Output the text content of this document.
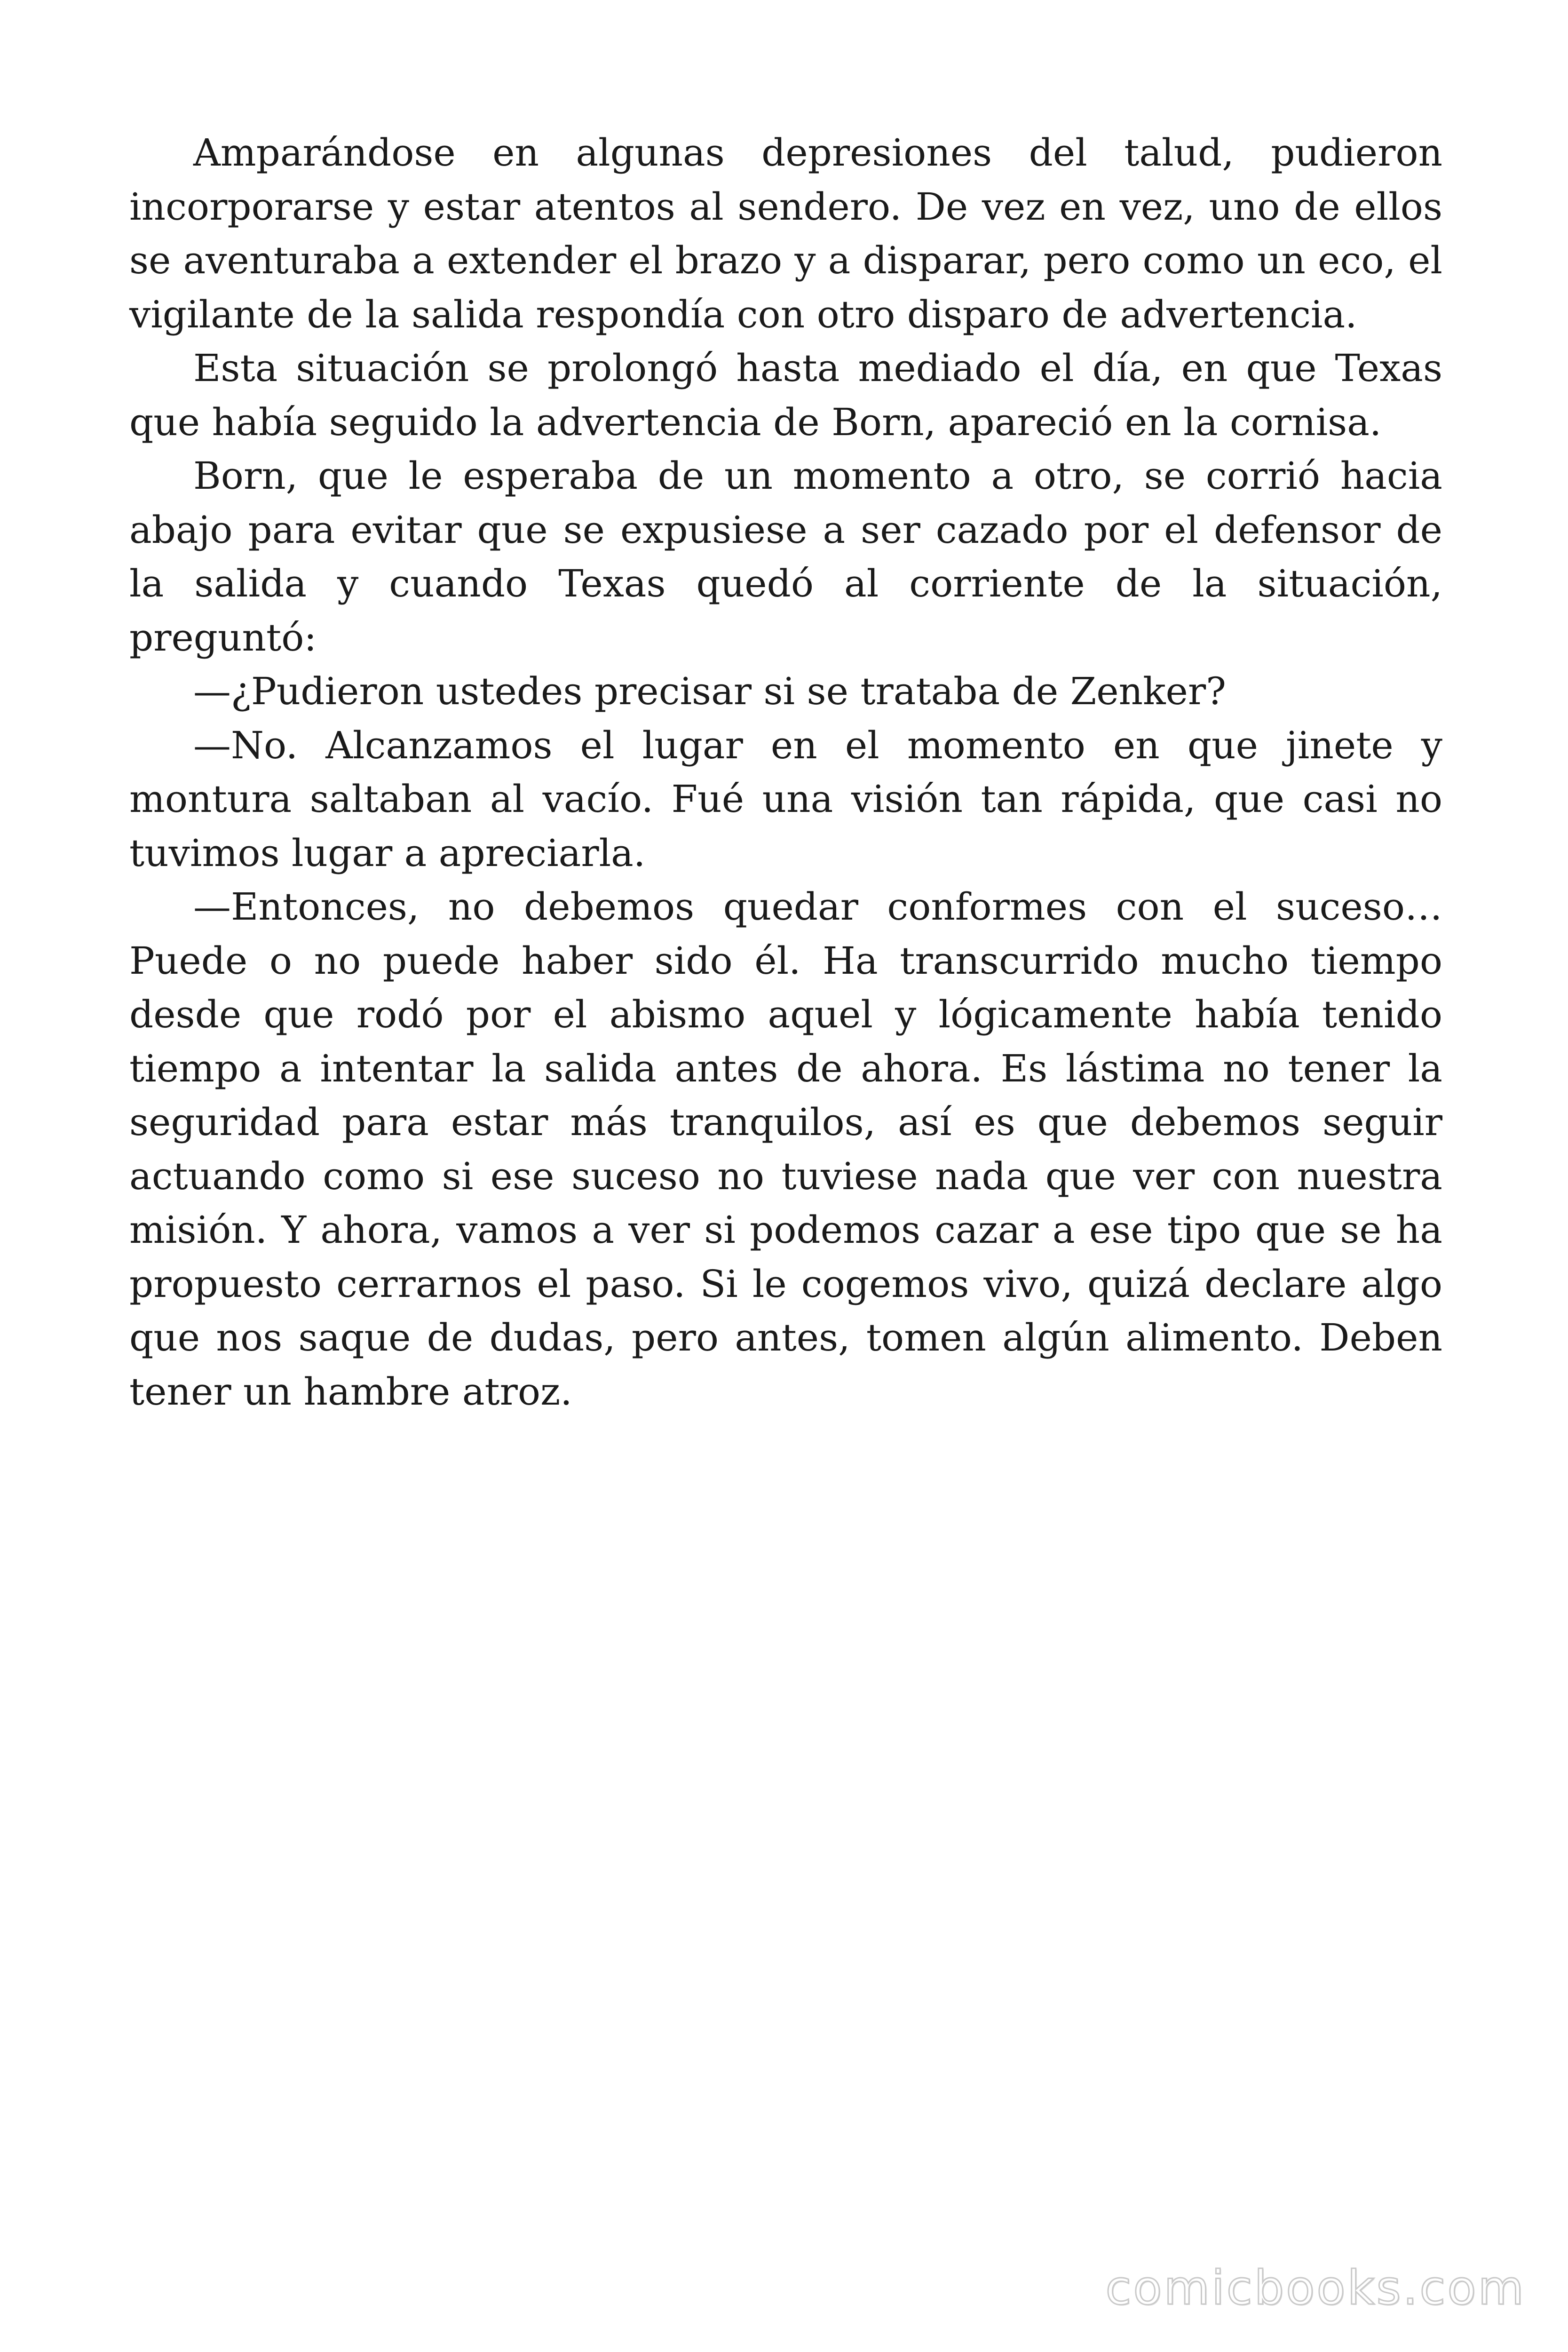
Amparándose en algunas depresiones del talud, pudieron incorporarse y estar atentos al sendero. De vez en vez, uno de ellos se aventuraba a extender el brazo y a disparar, pero como un eco, el vigilante de la salida respondía con otro disparo de advertencia.

Esta situación se prolongó hasta mediado el día, en que Texas que había seguido la advertencia de Born, apareció en la cornisa.

Born, que le esperaba de un momento a otro, se corrió hacia abajo para evitar que se expusiese a ser cazado por el defensor de la salida y cuando Texas quedó al corriente de la situación, preguntó:

—¿Pudieron ustedes precisar si se trataba de Zenker?

—No. Alcanzamos el lugar en el momento en que jinete y montura saltaban al vacío. Fué una visión tan rápida, que casi no tuvimos lugar a apreciarla.

—Entonces, no debemos quedar conformes con el suceso… Puede o no puede haber sido él. Ha transcurrido mucho tiempo desde que rodó por el abismo aquel y lógicamente había tenido tiempo a intentar la salida antes de ahora. Es lástima no tener la seguridad para estar más tranquilos, así es que debemos seguir actuando como si ese suceso no tuviese nada que ver con nuestra misión. Y ahora, vamos a ver si podemos cazar a ese tipo que se ha propuesto cerrarnos el paso. Si le cogemos vivo, quizá declare algo que nos saque de dudas, pero antes, tomen algún alimento. Deben tener un hambre atroz.

comicbooks.com
